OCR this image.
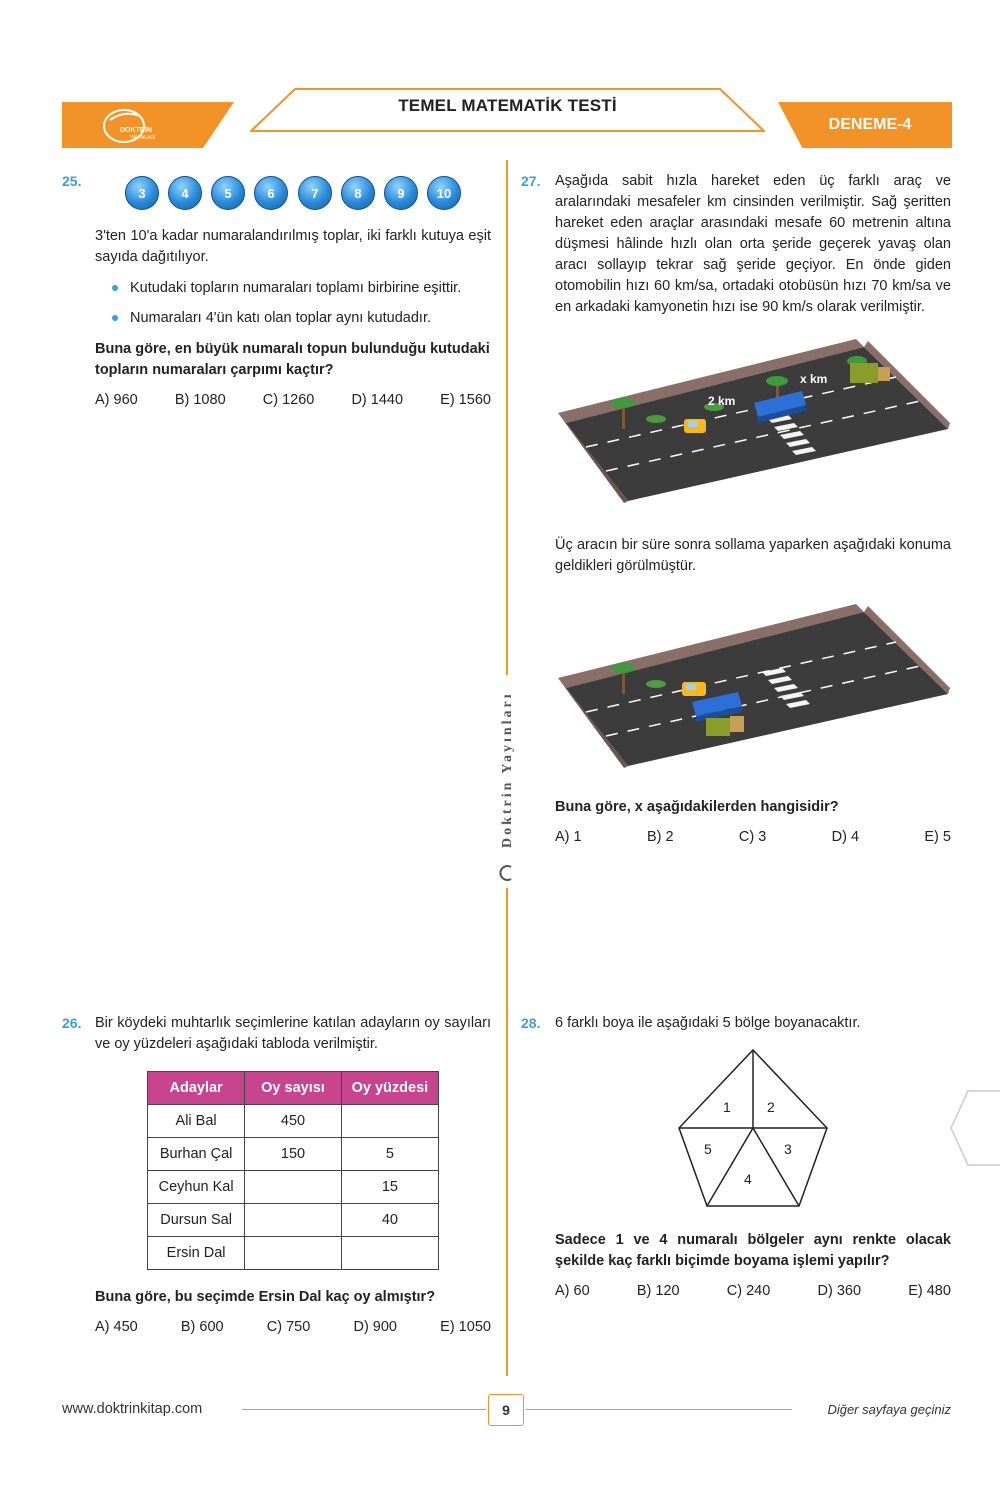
DOKTRİN
YAYINLARI
TEMEL MATEMATİK TESTİ
DENEME-4
Doktrin Yayınları
25.
3	4	5	6	7	8	9	10
3'ten 10'a kadar numaralandırılmış toplar, iki farklı kutuya eşit sayıda dağıtılıyor.
Kutudaki topların numaraları toplamı birbirine eşittir.
Numaraları 4'ün katı olan toplar aynı kutudadır.
Buna göre, en büyük numaralı topun bulunduğu kutudaki topların numaraları çarpımı kaçtır?
A) 960	B) 1080	C) 1260	D) 1440	E) 1560
26. Bir köydeki muhtarlık seçimlerine katılan adayların oy sayıları ve oy yüzdeleri aşağıdaki tabloda verilmiştir.
Adaylar	Oy sayısı	Oy yüzdesi
Ali Bal	450	
Burhan Çal	150	5
Ceyhun Kal		15
Dursun Sal		40
Ersin Dal		
Buna göre, bu seçimde Ersin Dal kaç oy almıştır?
A) 450	B) 600	C) 750	D) 900	E) 1050
27. Aşağıda sabit hızla hareket eden üç farklı araç ve aralarındaki mesafeler km cinsinden verilmiştir. Sağ şeritten hareket eden araçlar arasındaki mesafe 60 metrenin altına düşmesi hâlinde hızlı olan orta şeride geçerek yavaş olan aracı sollayıp tekrar sağ şeride geçiyor. En önde giden otomobilin hızı 60 km/sa, ortadaki otobüsün hızı 70 km/sa ve en arkadaki kamyonetin hızı ise 90 km/s olarak verilmiştir.
2 km
x km
Üç aracın bir süre sonra sollama yaparken aşağıdaki konuma geldikleri görülmüştür.
Buna göre, x aşağıdakilerden hangisidir?
A) 1	B) 2	C) 3	D) 4	E) 5
28. 6 farklı boya ile aşağıdaki 5 bölge boyanacaktır.
1	2
3
4
5
Sadece 1 ve 4 numaralı bölgeler aynı renkte olacak şekilde kaç farklı biçimde boyama işlemi yapılır?
A) 60	B) 120	C) 240	D) 360	E) 480
www.doktrinkitap.com	9	Diğer sayfaya geçiniz
